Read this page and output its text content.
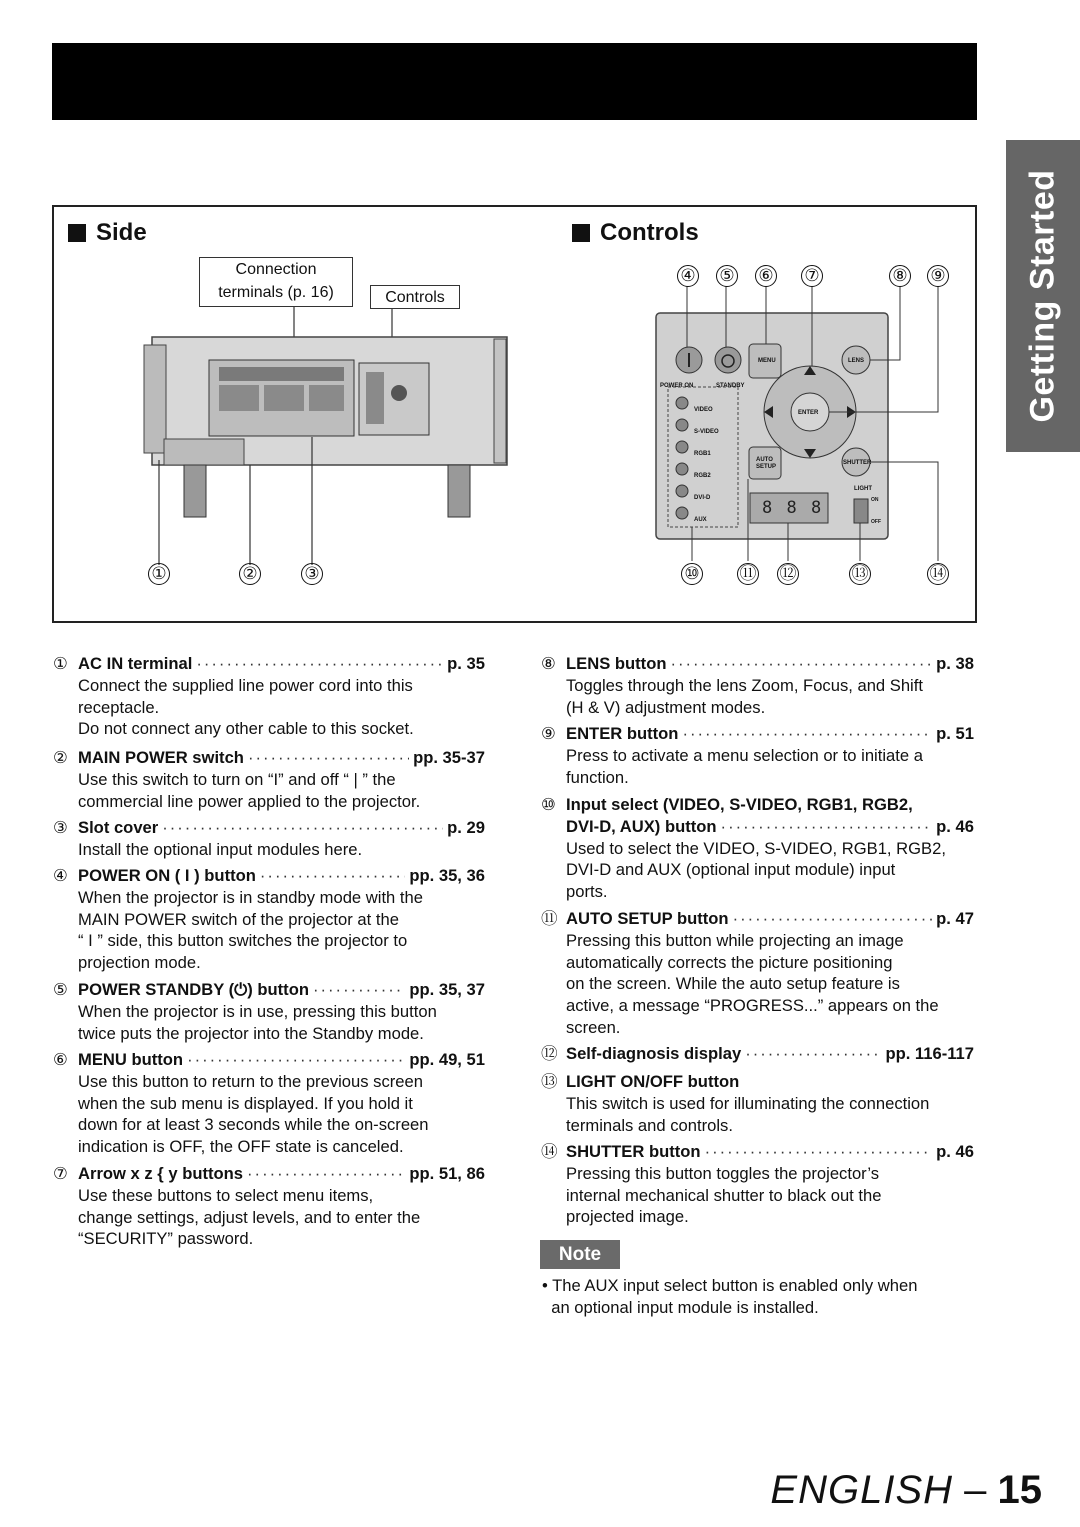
Getting Started
Side	Controls
Connection
terminals (p. 16)	Controls
①	②	③
POWER ON	STANDBY
MENU	LENS
ENTER
SHUTTER
AUTO
SETUP
LIGHT
ON
OFF
VIDEO
S-VIDEO
RGB1
RGB2
DVI-D
AUX
8 8 8
④ ⑤ ⑥ ⑦	⑧ ⑨
⑩ ⑪ ⑫	⑬	⑭
① AC IN terminal ·····	p. 35
Connect the supplied line power cord into this
receptacle.
Do not connect any other cable to this socket.
② MAIN POWER switch ·····	pp. 35-37
Use this switch to turn on “I” and off “ | ” the
commercial line power applied to the projector.
③ Slot cover ·····	p. 29
Install the optional input modules here.
④ POWER ON ( I ) button ·····	pp. 35, 36
When the projector is in standby mode with the
MAIN POWER switch of the projector at the
“ I ” side, this button switches the projector to
projection mode.
⑤ POWER STANDBY (⏻) button ·····	pp. 35, 37
When the projector is in use, pressing this button
twice puts the projector into the Standby mode.
⑥ MENU button ·····	pp. 49, 51
Use this button to return to the previous screen
when the sub menu is displayed. If you hold it
down for at least 3 seconds while the on-screen
indication is OFF, the OFF state is canceled.
⑦ Arrow x z { y buttons ·····	pp. 51, 86
Use these buttons to select menu items,
change settings, adjust levels, and to enter the
“SECURITY” password.
⑧ LENS button ·····	p. 38
Toggles through the lens Zoom, Focus, and Shift
(H & V) adjustment modes.
⑨ ENTER button ·····	p. 51
Press to activate a menu selection or to initiate a
function.
⑩ Input select (VIDEO, S-VIDEO, RGB1, RGB2,
DVI-D, AUX) button ·····	p. 46
Used to select the VIDEO, S-VIDEO, RGB1, RGB2,
DVI-D and AUX (optional input module) input
ports.
⑪ AUTO SETUP button ·····	p. 47
Pressing this button while projecting an image
automatically corrects the picture positioning
on the screen. While the auto setup feature is
active, a message “PROGRESS...” appears on the
screen.
⑫ Self-diagnosis display ·····	pp. 116-117
⑬ LIGHT ON/OFF button
This switch is used for illuminating the connection
terminals and controls.
⑭ SHUTTER button ·····	p. 46
Pressing this button toggles the projector’s
internal mechanical shutter to black out the
projected image.
Note
• The AUX input select button is enabled only when
an optional input module is installed.
ENGLISH – 15
